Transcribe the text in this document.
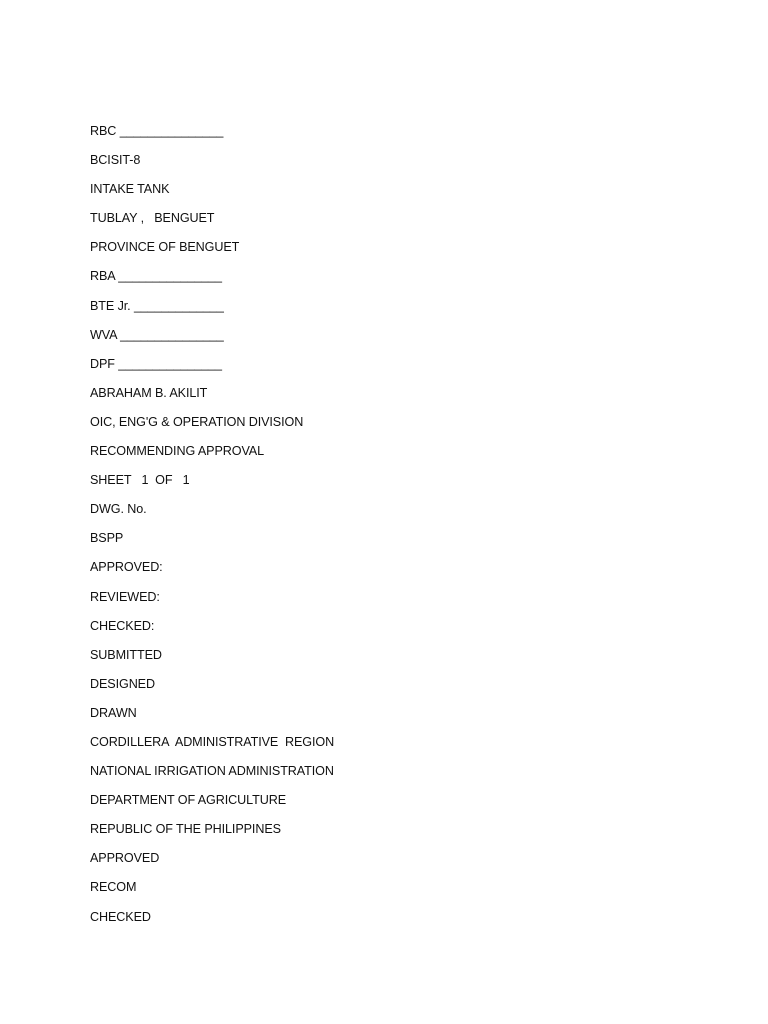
RBC _______________
BCISIT-8
INTAKE TANK
TUBLAY ,   BENGUET
PROVINCE OF BENGUET
RBA _______________
BTE Jr. _____________
WVA _______________
DPF _______________
ABRAHAM B. AKILIT
OIC, ENG'G & OPERATION DIVISION
RECOMMENDING APPROVAL
SHEET   1  OF   1
DWG. No.
BSPP
APPROVED:
REVIEWED:
CHECKED:
SUBMITTED
DESIGNED
DRAWN
CORDILLERA  ADMINISTRATIVE  REGION
NATIONAL IRRIGATION ADMINISTRATION
DEPARTMENT OF AGRICULTURE
REPUBLIC OF THE PHILIPPINES
APPROVED
RECOM
CHECKED
